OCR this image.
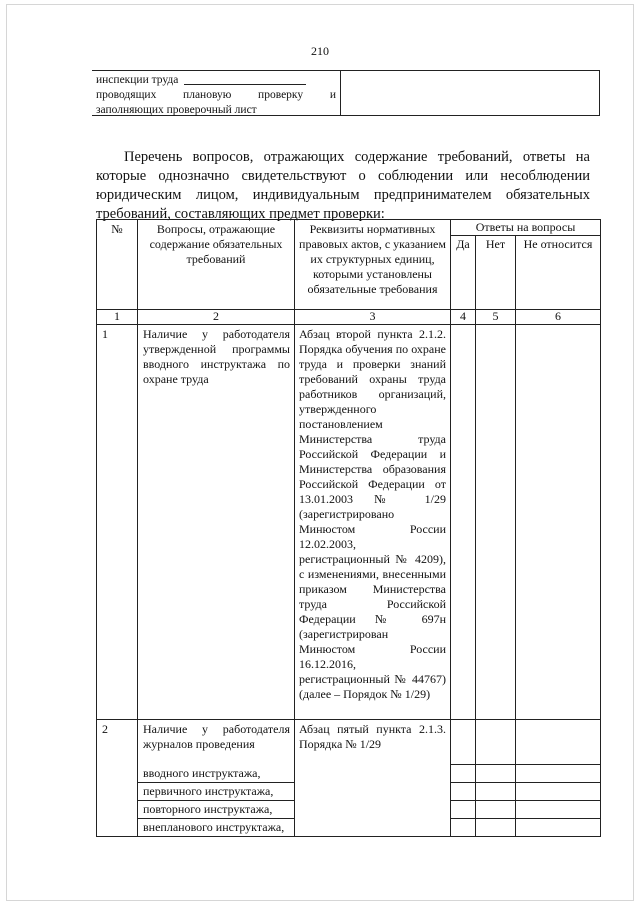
210
инспекции труда
проводящих плановую проверку и
заполняющих проверочный лист

Перечень вопросов, отражающих содержание требований, ответы на которые однозначно свидетельствуют о соблюдении или несоблюдении юридическим лицом, индивидуальным предпринимателем обязательных требований, составляющих предмет проверки:

№	Вопросы, отражающие содержание обязательных требований	Реквизиты нормативных правовых актов, с указанием их структурных единиц, которыми установлены обязательные требования	Ответы на вопросы		
			Да	Нет	Не относится
1	2	3	4	5	6
1	Наличие у работодателя утвержденной программы вводного инструктажа по охране труда	Абзац второй пункта 2.1.2. Порядка обучения по охране труда и проверки знаний требований охраны труда работников организаций, утвержденного постановлением Министерства труда Российской Федерации и Министерства образования Российской Федерации от 13.01.2003 № 1/29 (зарегистрировано Минюстом России 12.02.2003, регистрационный № 4209), с изменениями, внесенными приказом Министерства труда Российской Федерации № 697н (зарегистрирован Минюстом России 16.12.2016, регистрационный № 44767) (далее – Порядок № 1/29)			
2	Наличие у работодателя журналов проведения	Абзац пятый пункта 2.1.3. Порядка № 1/29			
	вводного инструктажа,				
	первичного инструктажа,				
	повторного инструктажа,				
	внепланового инструктажа,				
